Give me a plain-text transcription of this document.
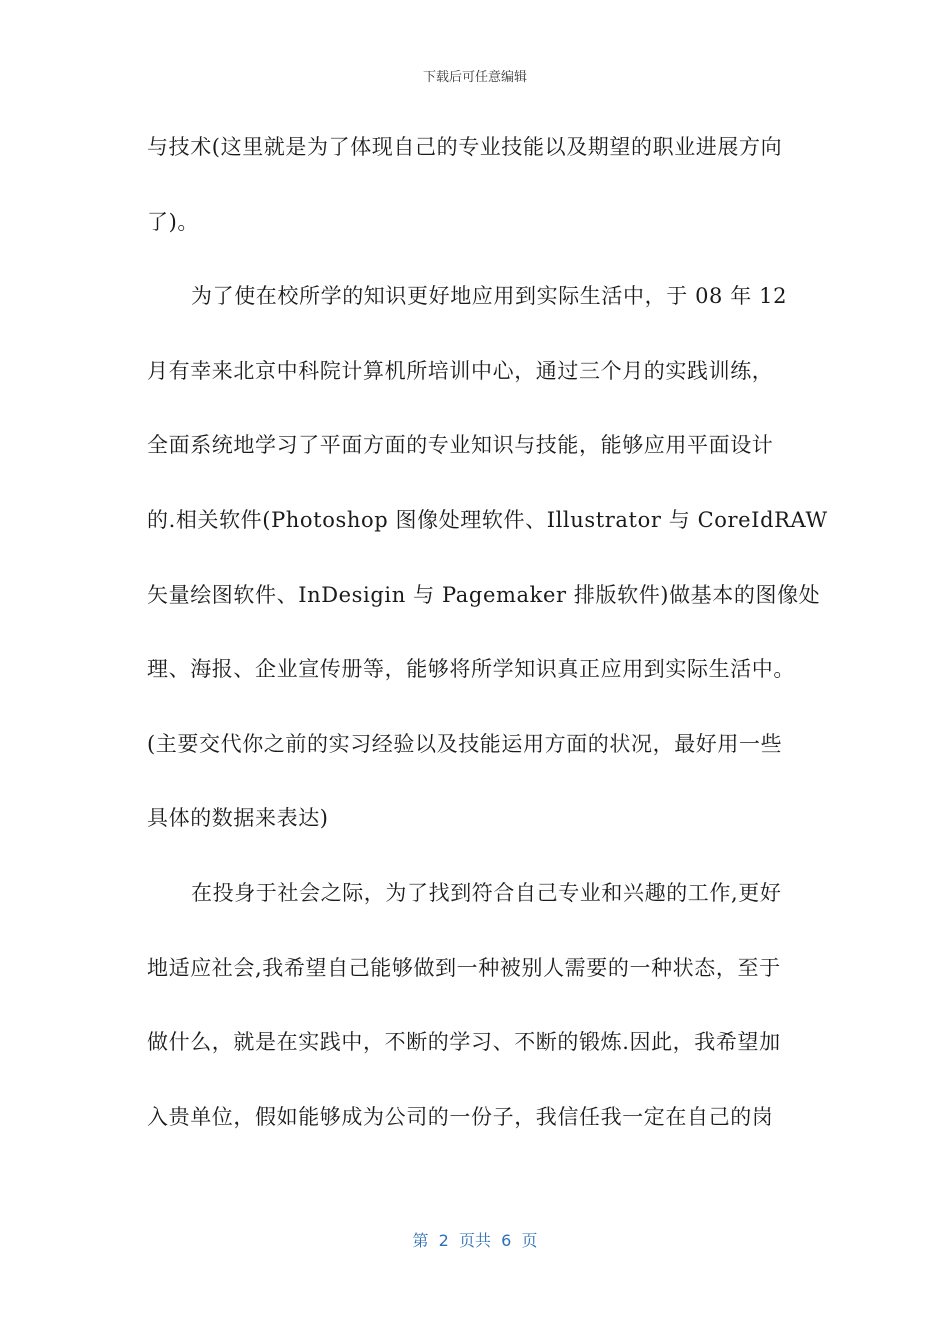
下载后可任意编辑
与技术(这里就是为了体现自己的专业技能以及期望的职业进展方向
了)。
为了使在校所学的知识更好地应用到实际生活中，于 08 年 12
月有幸来北京中科院计算机所培训中心，通过三个月的实践训练，
全面系统地学习了平面方面的专业知识与技能，能够应用平面设计
的.相关软件(Photoshop 图像处理软件、Illustrator 与 CoreIdRAW
矢量绘图软件、InDesigin 与 Pagemaker 排版软件)做基本的图像处
理、海报、企业宣传册等，能够将所学知识真正应用到实际生活中。
(主要交代你之前的实习经验以及技能运用方面的状况，最好用一些
具体的数据来表达)
在投身于社会之际，为了找到符合自己专业和兴趣的工作,更好
地适应社会,我希望自己能够做到一种被别人需要的一种状态，至于
做什么，就是在实践中，不断的学习、不断的锻炼.因此，我希望加
入贵单位，假如能够成为公司的一份子，我信任我一定在自己的岗
第  2  页共  6  页
